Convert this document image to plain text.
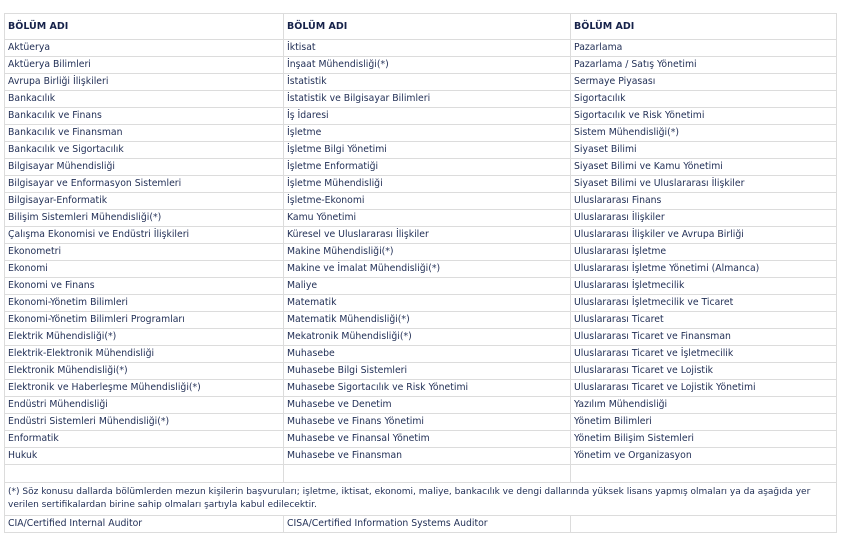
BÖLÜM ADI	BÖLÜM ADI	BÖLÜM ADI
Aktüerya	İktisat	Pazarlama
Aktüerya Bilimleri	İnşaat Mühendisliği(*)	Pazarlama / Satış Yönetimi
Avrupa Birliği İlişkileri	İstatistik	Sermaye Piyasası
Bankacılık	İstatistik ve Bilgisayar Bilimleri	Sigortacılık
Bankacılık ve Finans	İş İdaresi	Sigortacılık ve Risk Yönetimi
Bankacılık ve Finansman	İşletme	Sistem Mühendisliği(*)
Bankacılık ve Sigortacılık	İşletme Bilgi Yönetimi	Siyaset Bilimi
Bilgisayar Mühendisliği	İşletme Enformatiği	Siyaset Bilimi ve Kamu Yönetimi
Bilgisayar ve Enformasyon Sistemleri	İşletme Mühendisliği	Siyaset Bilimi ve Uluslararası İlişkiler
Bilgisayar-Enformatik	İşletme-Ekonomi	Uluslararası Finans
Bilişim Sistemleri Mühendisliği(*)	Kamu Yönetimi	Uluslararası İlişkiler
Çalışma Ekonomisi ve Endüstri İlişkileri	Küresel ve Uluslararası İlişkiler	Uluslararası İlişkiler ve Avrupa Birliği
Ekonometri	Makine Mühendisliği(*)	Uluslararası İşletme
Ekonomi	Makine ve İmalat Mühendisliği(*)	Uluslararası İşletme Yönetimi (Almanca)
Ekonomi ve Finans	Maliye	Uluslararası İşletmecilik
Ekonomi-Yönetim Bilimleri	Matematik	Uluslararası İşletmecilik ve Ticaret
Ekonomi-Yönetim Bilimleri Programları	Matematik Mühendisliği(*)	Uluslararası Ticaret
Elektrik Mühendisliği(*)	Mekatronik Mühendisliği(*)	Uluslararası Ticaret ve Finansman
Elektrik-Elektronik Mühendisliği	Muhasebe	Uluslararası Ticaret ve İşletmecilik
Elektronik Mühendisliği(*)	Muhasebe Bilgi Sistemleri	Uluslararası Ticaret ve Lojistik
Elektronik ve Haberleşme Mühendisliği(*)	Muhasebe Sigortacılık ve Risk Yönetimi	Uluslararası Ticaret ve Lojistik Yönetimi
Endüstri Mühendisliği	Muhasebe ve Denetim	Yazılım Mühendisliği
Endüstri Sistemleri Mühendisliği(*)	Muhasebe ve Finans Yönetimi	Yönetim Bilimleri
Enformatik	Muhasebe ve Finansal Yönetim	Yönetim Bilişim Sistemleri
Hukuk	Muhasebe ve Finansman	Yönetim ve Organizasyon

(*) Söz konusu dallarda bölümlerden mezun kişilerin başvuruları; işletme, iktisat, ekonomi, maliye, bankacılık ve dengi dallarında yüksek lisans yapmış olmaları ya da aşağıda yer verilen sertifikalardan birine sahip olmaları şartıyla kabul edilecektir.		
CIA/Certified Internal Auditor	CISA/Certified Information Systems Auditor	
